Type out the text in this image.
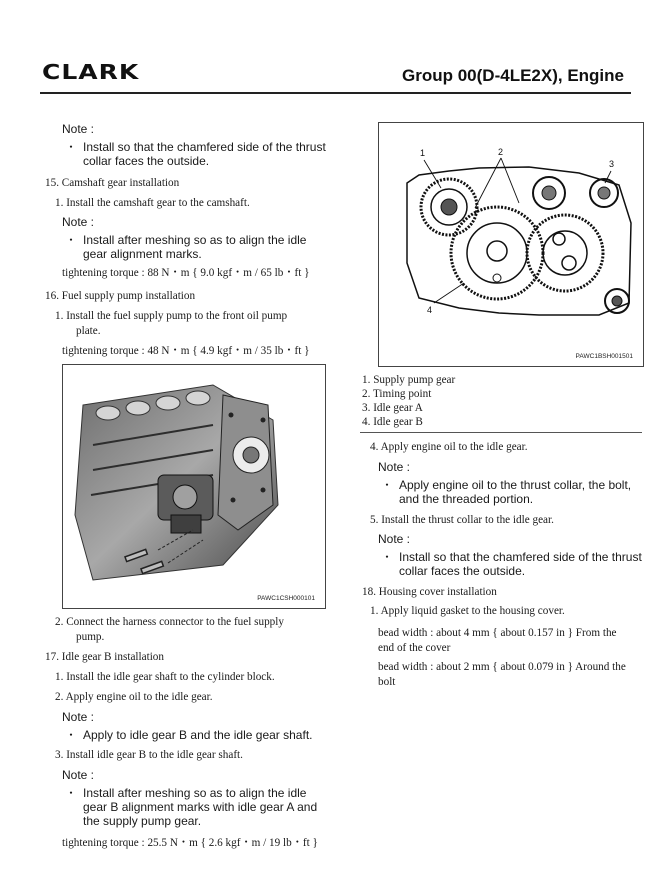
CLARK	Group 00(D-4LE2X), Engine
Note :
・ Install so that the chamfered side of the thrust
collar faces the outside.
15. Camshaft gear installation
1. Install the camshaft gear to the camshaft.
Note :
・ Install after meshing so as to align the idle
gear alignment marks.
tightening torque : 88 N・m { 9.0 kgf・m / 65 lb・ft }
16. Fuel supply pump installation
1. Install the fuel supply pump to the front oil pump
plate.
tightening torque : 48 N・m { 4.9 kgf・m / 35 lb・ft }
PAWC1CSH000101
2. Connect the harness connector to the fuel supply
pump.
17. Idle gear B installation
1. Install the idle gear shaft to the cylinder block.
2. Apply engine oil to the idle gear.
Note :
・ Apply to idle gear B and the idle gear shaft.
3. Install idle gear B to the idle gear shaft.
Note :
・ Install after meshing so as to align the idle
gear B alignment marks with idle gear A and
the supply pump gear.
tightening torque : 25.5 N・m { 2.6 kgf・m / 19 lb・ft }
1	2
3
4
PAWC1BSH001501
1. Supply pump gear
2. Timing point
3. Idle gear A
4. Idle gear B
4. Apply engine oil to the idle gear.
Note :
・ Apply engine oil to the thrust collar, the bolt,
and the threaded portion.
5. Install the thrust collar to the idle gear.
Note :
・ Install so that the chamfered side of the thrust
collar faces the outside.
18. Housing cover installation
1. Apply liquid gasket to the housing cover.
bead width : about 4 mm { about 0.157 in } From the
end of the cover
bead width : about 2 mm { about 0.079 in } Around the
bolt
